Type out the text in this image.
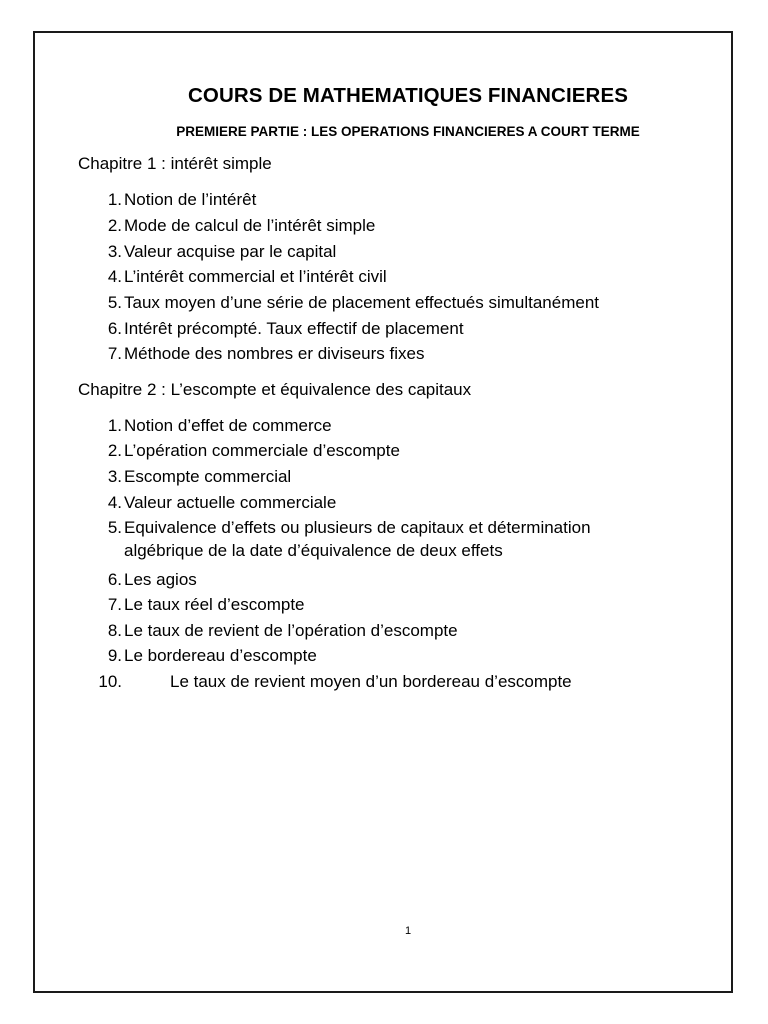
COURS DE MATHEMATIQUES FINANCIERES
PREMIERE PARTIE : LES OPERATIONS FINANCIERES A COURT TERME
Chapitre 1 : intérêt simple
1. Notion de l’intérêt
2. Mode de calcul de l’intérêt simple
3. Valeur acquise par le capital
4. L’intérêt commercial et l’intérêt civil
5. Taux moyen d’une série de placement effectués simultanément
6. Intérêt précompté. Taux effectif de placement
7. Méthode des nombres er diviseurs fixes
Chapitre 2 : L’escompte et équivalence des capitaux
1. Notion d’effet de commerce
2. L’opération commerciale d’escompte
3. Escompte commercial
4. Valeur actuelle commerciale
5. Equivalence d’effets ou plusieurs de capitaux et détermination
algébrique de la date d’équivalence de deux effets
6. Les agios
7. Le taux réel d’escompte
8. Le taux de revient de l’opération d’escompte
9. Le bordereau d’escompte
10.	Le taux de revient moyen d’un bordereau d’escompte
1
